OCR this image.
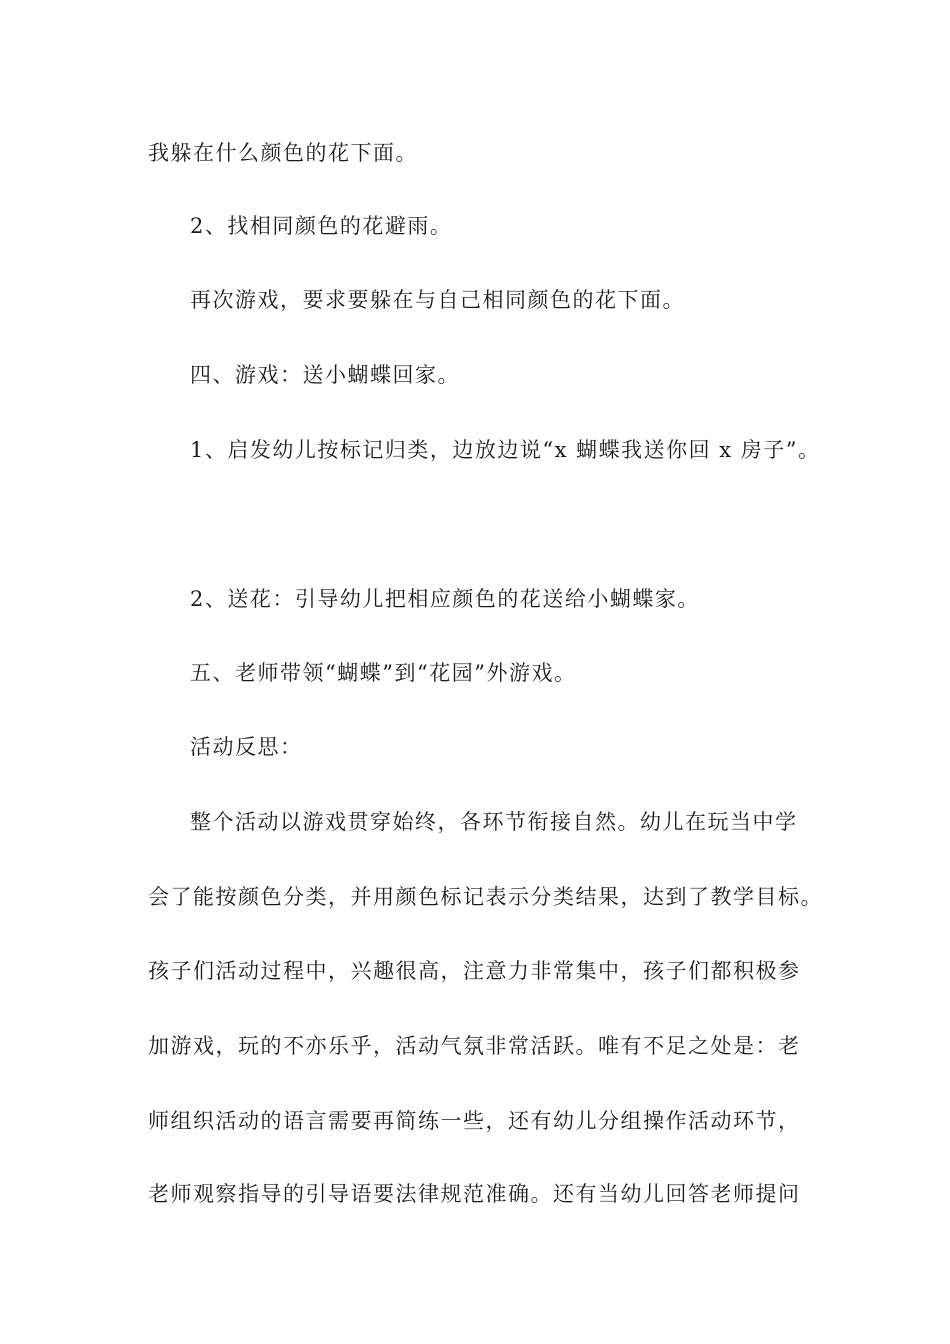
我躲在什么颜色的花下面。
2、找相同颜色的花避雨。
再次游戏，要求要躲在与自己相同颜色的花下面。
四、游戏：送小蝴蝶回家。
1、启发幼儿按标记归类，边放边说“x 蝴蝶我送你回 x 房子”。
2、送花：引导幼儿把相应颜色的花送给小蝴蝶家。
五、老师带领“蝴蝶”到“花园”外游戏。
活动反思：
整个活动以游戏贯穿始终，各环节衔接自然。幼儿在玩当中学
会了能按颜色分类，并用颜色标记表示分类结果，达到了教学目标。
孩子们活动过程中，兴趣很高，注意力非常集中，孩子们都积极参
加游戏，玩的不亦乐乎，活动气氛非常活跃。唯有不足之处是：老
师组织活动的语言需要再简练一些，还有幼儿分组操作活动环节，
老师观察指导的引导语要法律规范准确。还有当幼儿回答老师提问
